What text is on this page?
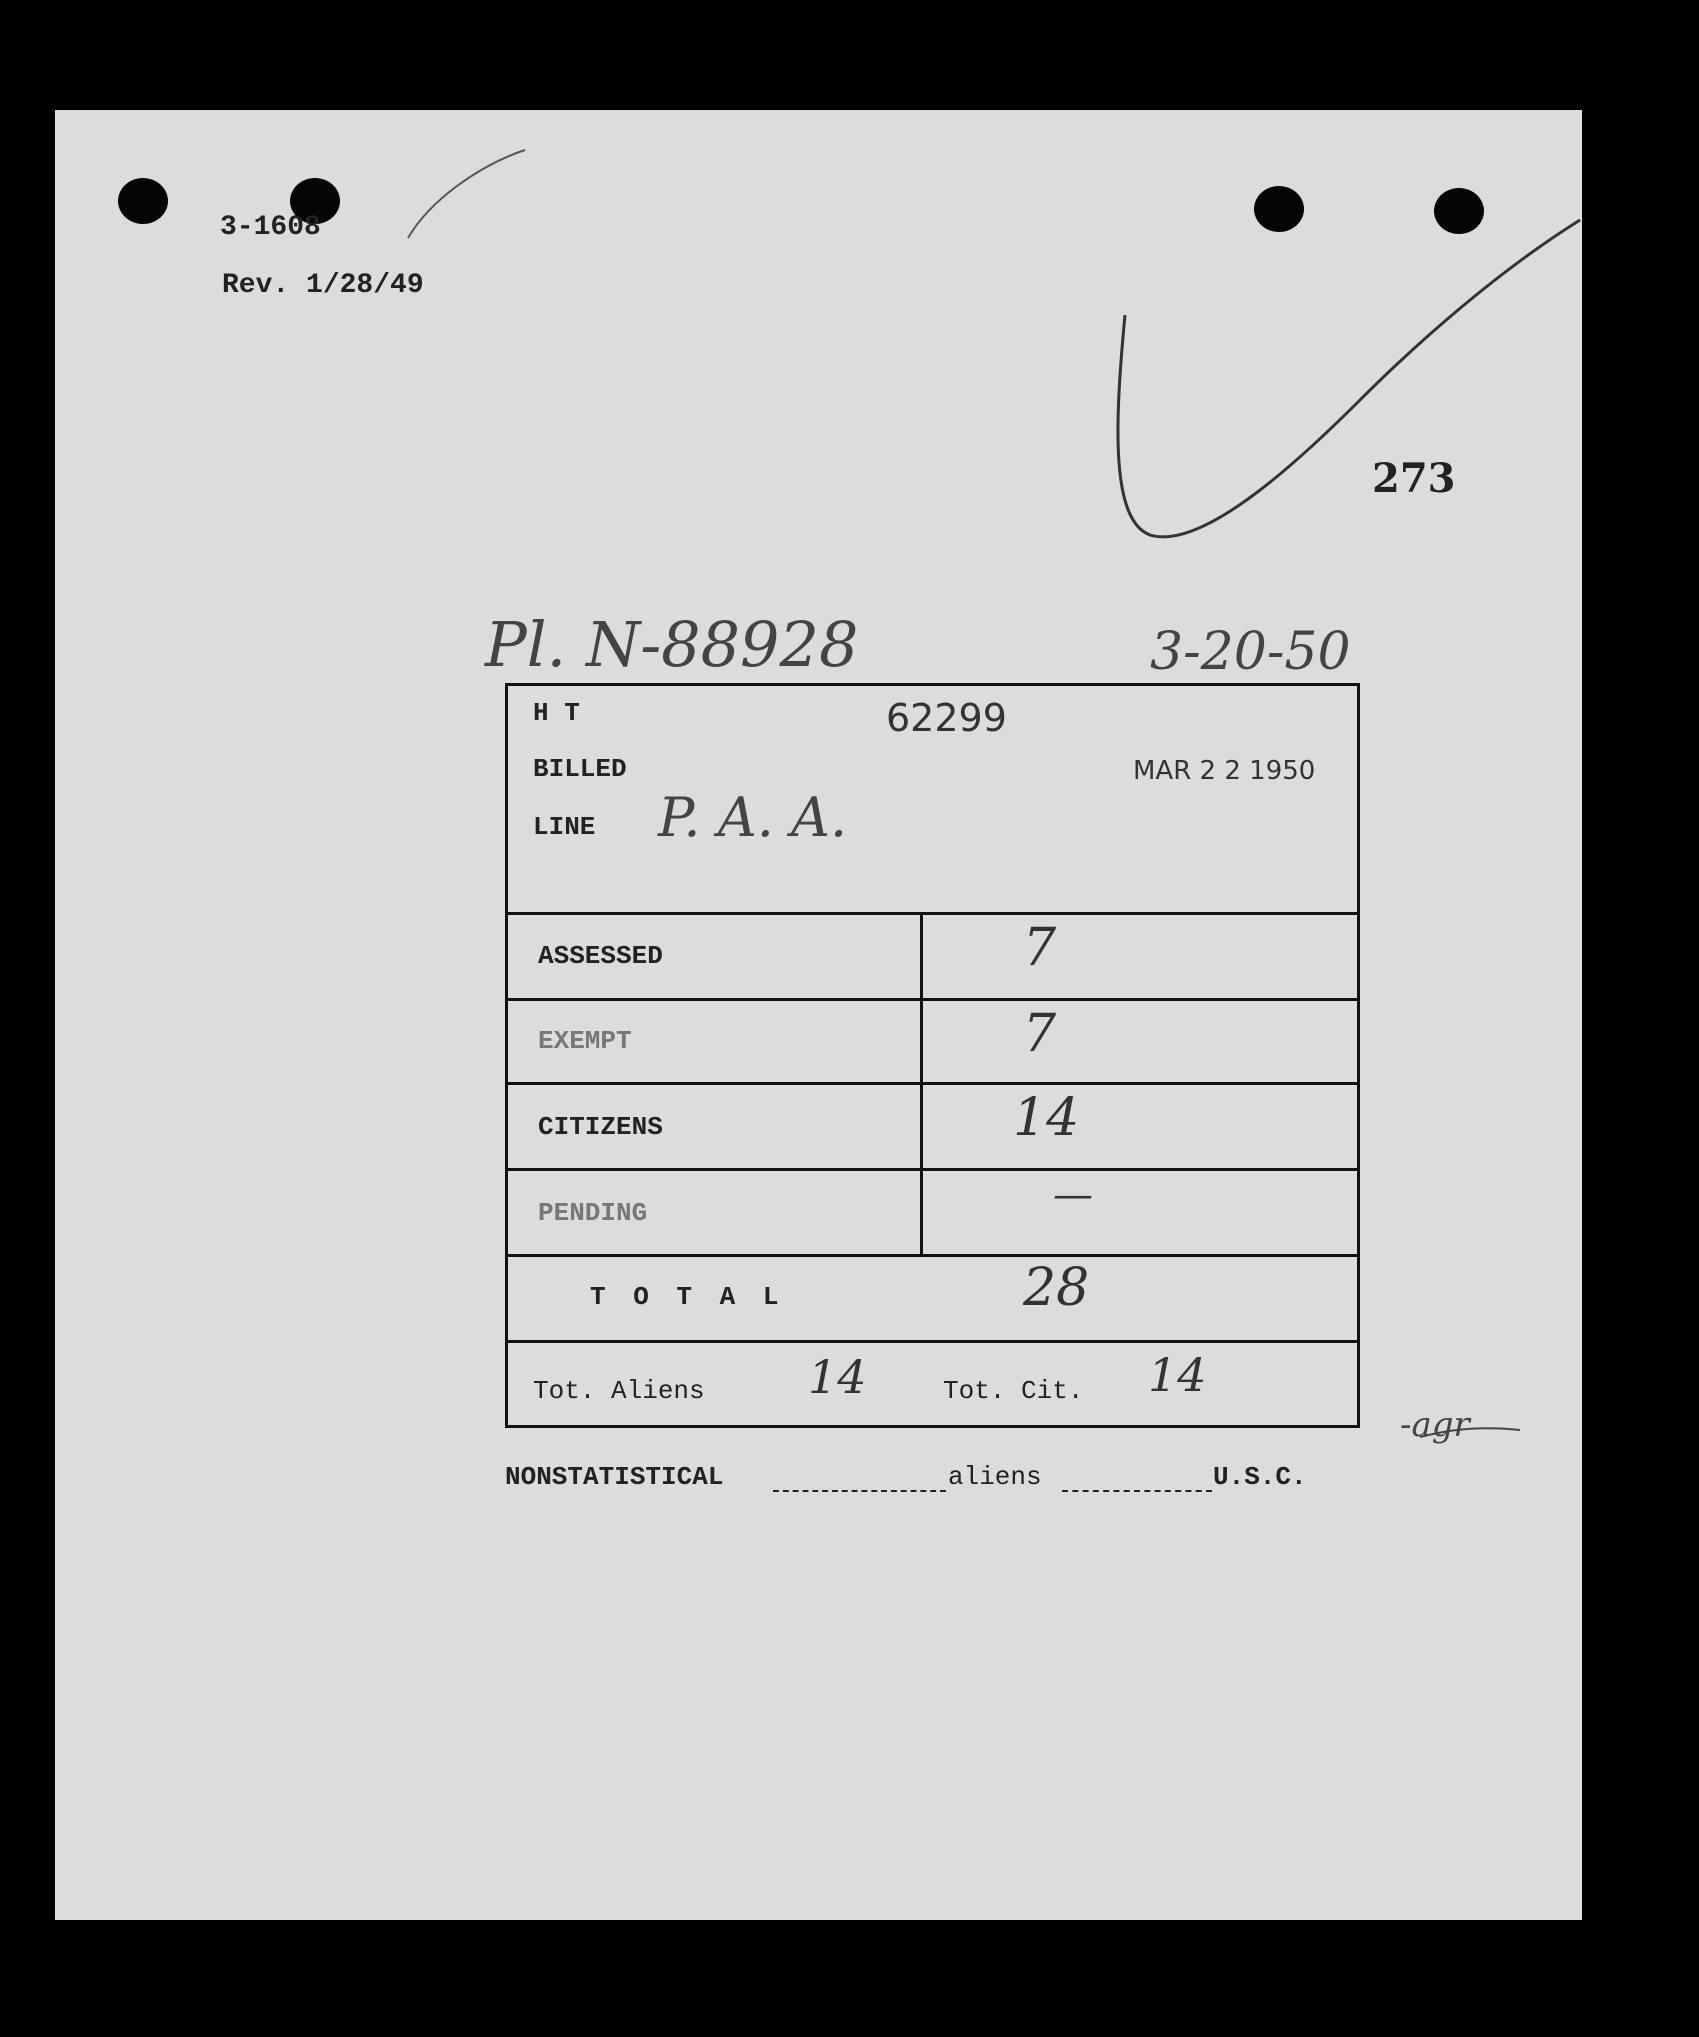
3-1608
Rev. 1/28/49
273
Pl. N-88928	3-20-50
H T	62299
BILLED	MAR 2 2 1950
LINE P. A. A.
ASSESSED	7
EXEMPT	7
CITIZENS	14
PENDING	—
T O T A L	28
Tot. Aliens 14	Tot. Cit. 14
-agr
NONSTATISTICAL	aliens	U.S.C.
